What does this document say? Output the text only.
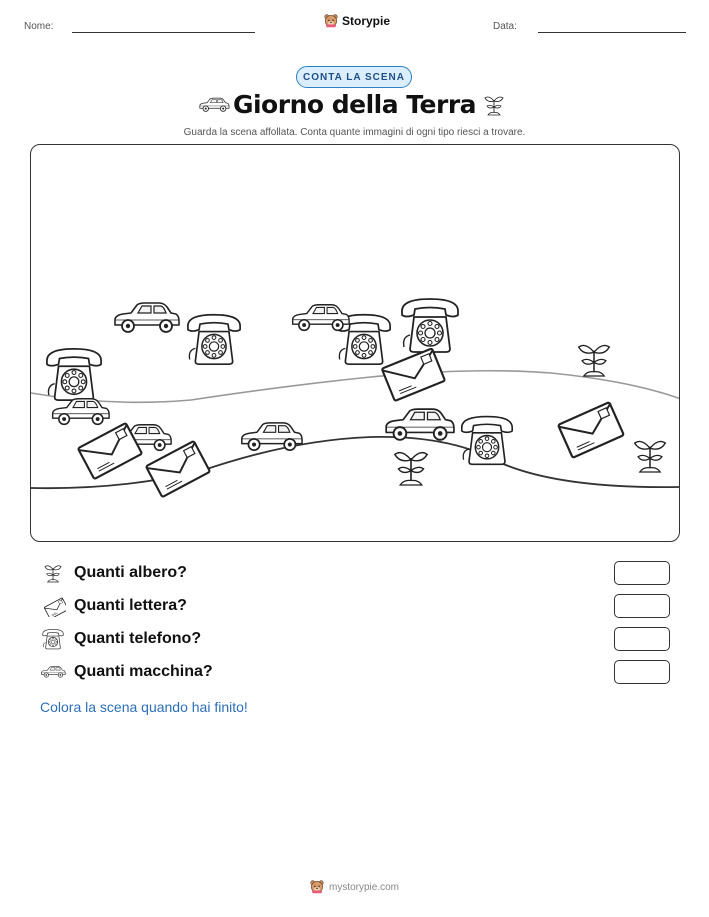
Nome:	Storypie	Data:
CONTA LA SCENA
Giorno della Terra
Guarda la scena affollata. Conta quante immagini di ogni tipo riesci a trovare.
Quanti albero?
Quanti lettera?
Quanti telefono?
Quanti macchina?
Colora la scena quando hai finito!
mystorypie.com
